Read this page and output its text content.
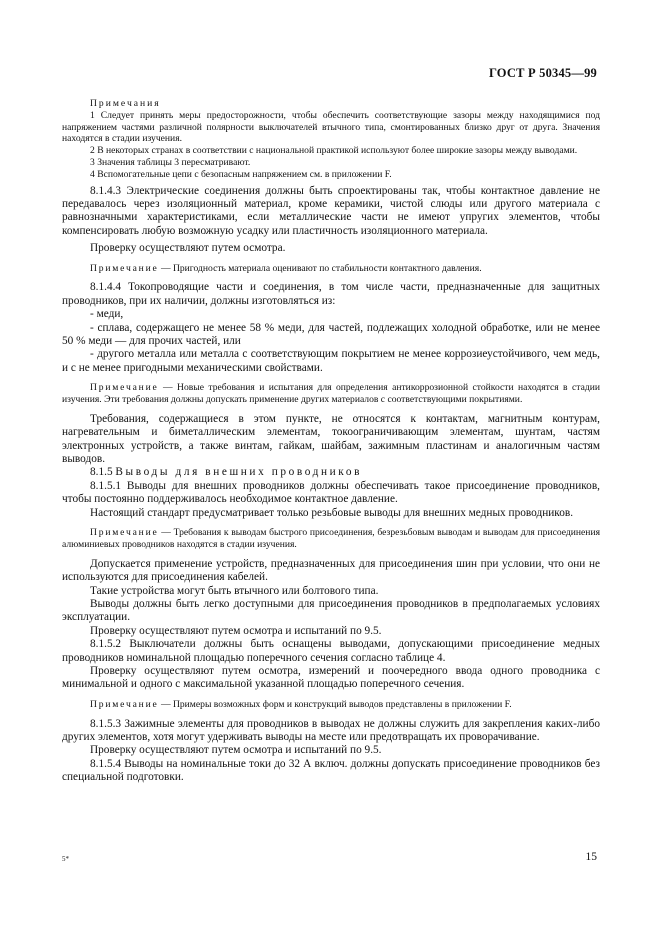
ГОСТ Р 50345—99

Примечания

1 Следует принять меры предосторожности, чтобы обеспечить соответствующие зазоры между находящимися под напряжением частями различной полярности выключателей втычного типа, смонтированных близко друг от друга. Значения находятся в стадии изучения.

2 В некоторых странах в соответствии с национальной практикой используют более широкие зазоры между выводами.

3 Значения таблицы 3 пересматривают.

4 Вспомогательные цепи с безопасным напряжением см. в приложении F.

8.1.4.3 Электрические соединения должны быть спроектированы так, чтобы контактное давление не передавалось через изоляционный материал, кроме керамики, чистой слюды или другого материала с равнозначными характеристиками, если металлические части не имеют упругих элементов, чтобы компенсировать любую возможную усадку или пластичность изоляционного материала.

Проверку осуществляют путем осмотра.

Примечание — Пригодность материала оценивают по стабильности контактного давления.

8.1.4.4 Токопроводящие части и соединения, в том числе части, предназначенные для защитных проводников, при их наличии, должны изготовляться из:

- меди,

- сплава, содержащего не менее 58 % меди, для частей, подлежащих холодной обработке, или не менее 50 % меди — для прочих частей, или

- другого металла или металла с соответствующим покрытием не менее коррозиеустойчивого, чем медь, и с не менее пригодными механическими свойствами.

Примечание — Новые требования и испытания для определения антикоррозионной стойкости находятся в стадии изучения. Эти требования должны допускать применение других материалов с соответствующими покрытиями.

Требования, содержащиеся в этом пункте, не относятся к контактам, магнитным контурам, нагревательным и биметаллическим элементам, токоограничивающим элементам, шунтам, частям электронных устройств, а также винтам, гайкам, шайбам, зажимным пластинам и аналогичным частям выводов.

8.1.5 Выводы для внешних проводников

8.1.5.1 Выводы для внешних проводников должны обеспечивать такое присоединение проводников, чтобы постоянно поддерживалось необходимое контактное давление.

Настоящий стандарт предусматривает только резьбовые выводы для внешних медных проводников.

Примечание — Требования к выводам быстрого присоединения, безрезьбовым выводам и выводам для присоединения алюминиевых проводников находятся в стадии изучения.

Допускается применение устройств, предназначенных для присоединения шин при условии, что они не используются для присоединения кабелей.

Такие устройства могут быть втычного или болтового типа.

Выводы должны быть легко доступными для присоединения проводников в предполагаемых условиях эксплуатации.

Проверку осуществляют путем осмотра и испытаний по 9.5.

8.1.5.2 Выключатели должны быть оснащены выводами, допускающими присоединение медных проводников номинальной площадью поперечного сечения согласно таблице 4.

Проверку осуществляют путем осмотра, измерений и поочередного ввода одного проводника с минимальной и одного с максимальной указанной площадью поперечного сечения.

Примечание — Примеры возможных форм и конструкций выводов представлены в приложении F.

8.1.5.3 Зажимные элементы для проводников в выводах не должны служить для закрепления каких-либо других элементов, хотя могут удерживать выводы на месте или предотвращать их проворачивание.

Проверку осуществляют путем осмотра и испытаний по 9.5.

8.1.5.4 Выводы на номинальные токи до 32 А включ. должны допускать присоединение проводников без специальной подготовки.

5*	15
